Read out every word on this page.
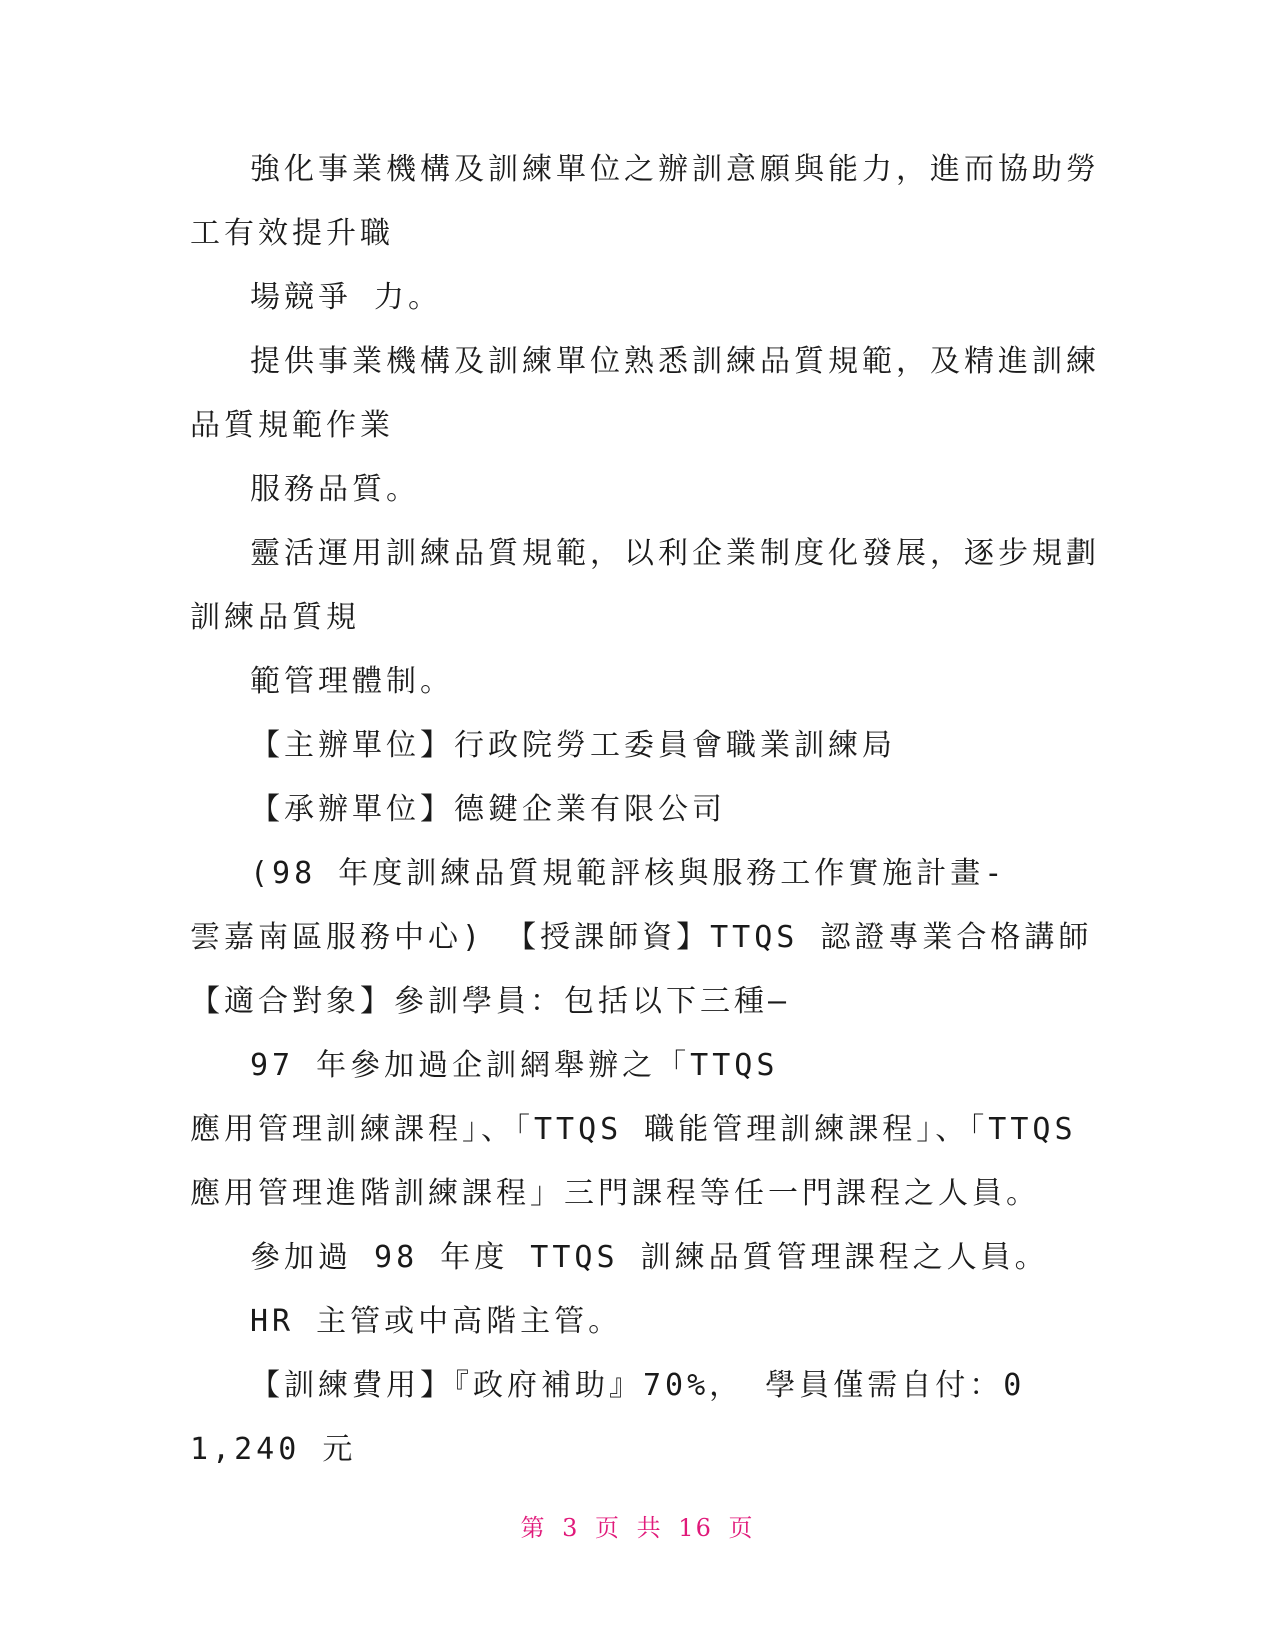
強化事業機構及訓練單位之辦訓意願與能力，進而協助勞
工有效提升職
場競爭 力。
提供事業機構及訓練單位熟悉訓練品質規範，及精進訓練
品質規範作業
服務品質。
靈活運用訓練品質規範，以利企業制度化發展，逐步規劃
訓練品質規
範管理體制。
【主辦單位】行政院勞工委員會職業訓練局
【承辦單位】德鍵企業有限公司
(98 年度訓練品質規範評核與服務工作實施計畫-
雲嘉南區服務中心) 【授課師資】TTQS 認證專業合格講師
【適合對象】參訓學員：包括以下三種—
97 年參加過企訓網舉辦之「TTQS
應用管理訓練課程」、「TTQS 職能管理訓練課程」、「TTQS
應用管理進階訓練課程」三門課程等任一門課程之人員。
參加過 98 年度 TTQS 訓練品質管理課程之人員。
HR 主管或中高階主管。
【訓練費用】『政府補助』70%， 學員僅需自付：0
1,240 元
第 3 页 共 16 页
